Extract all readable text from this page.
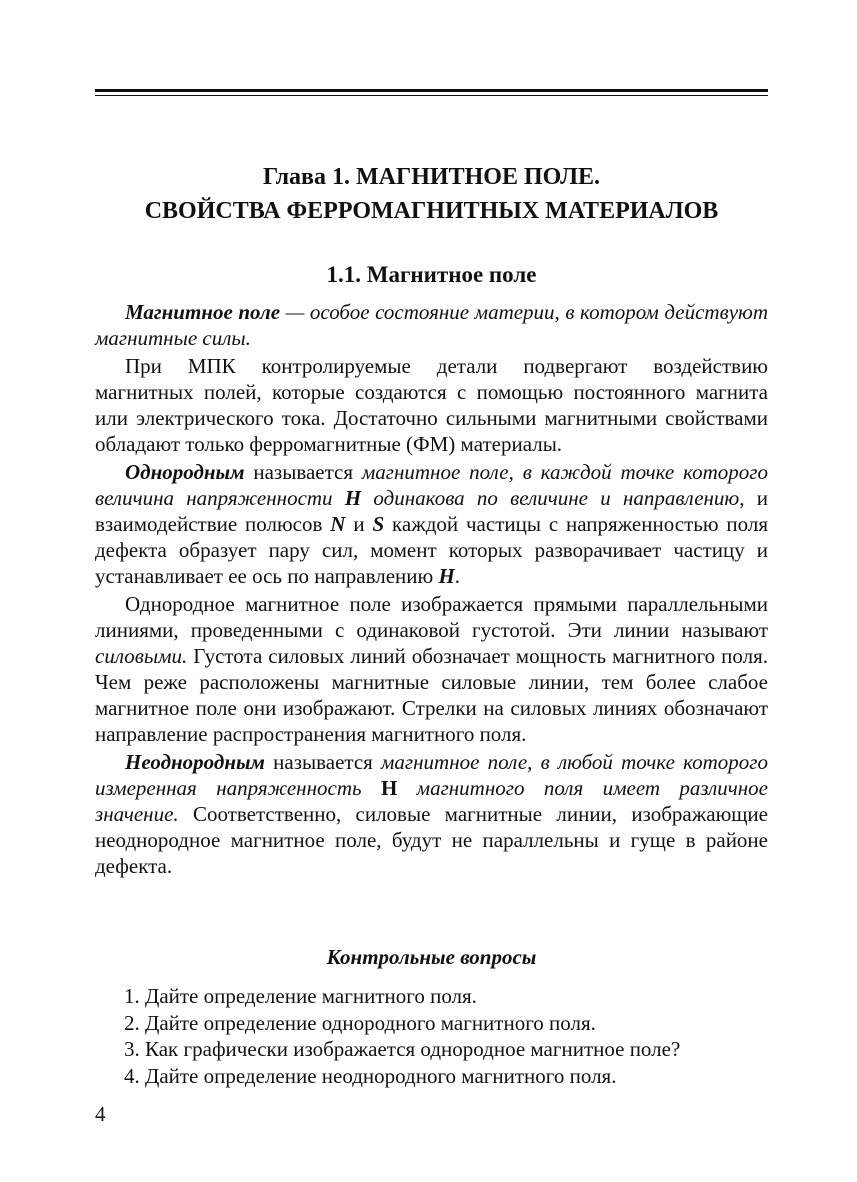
Глава 1. МАГНИТНОЕ ПОЛЕ.
СВОЙСТВА ФЕРРОМАГНИТНЫХ МАТЕРИАЛОВ
1.1. Магнитное поле

Магнитное поле — особое состояние материи, в котором действуют магнитные силы.

При МПК контролируемые детали подвергают воздействию магнитных полей, которые создаются с помощью постоянного магнита или электрического тока. Достаточно сильными магнитными свойствами обладают только ферромагнитные (ФМ) материалы.

Однородным называется магнитное поле, в каждой точке которого величина напряженности H одинакова по величине и направлению, и взаимодействие полюсов N и S каждой частицы с напряженностью поля дефекта образует пару сил, момент которых разворачивает частицу и устанавливает ее ось по направлению H.

Однородное магнитное поле изображается прямыми параллельными линиями, проведенными с одинаковой густотой. Эти линии называют силовыми. Густота силовых линий обозначает мощность магнитного поля. Чем реже расположены магнитные силовые линии, тем более слабое магнитное поле они изображают. Стрелки на силовых линиях обозначают направление распространения магнитного поля.

Неоднородным называется магнитное поле, в любой точке которого измеренная напряженность Н магнитного поля имеет различное значение. Соответственно, силовые магнитные линии, изображающие неоднородное магнитное поле, будут не параллельны и гуще в районе дефекта.

Контрольные вопросы
1. Дайте определение магнитного поля.
2. Дайте определение однородного магнитного поля.
3. Как графически изображается однородное магнитное поле?
4. Дайте определение неоднородного магнитного поля.
4
